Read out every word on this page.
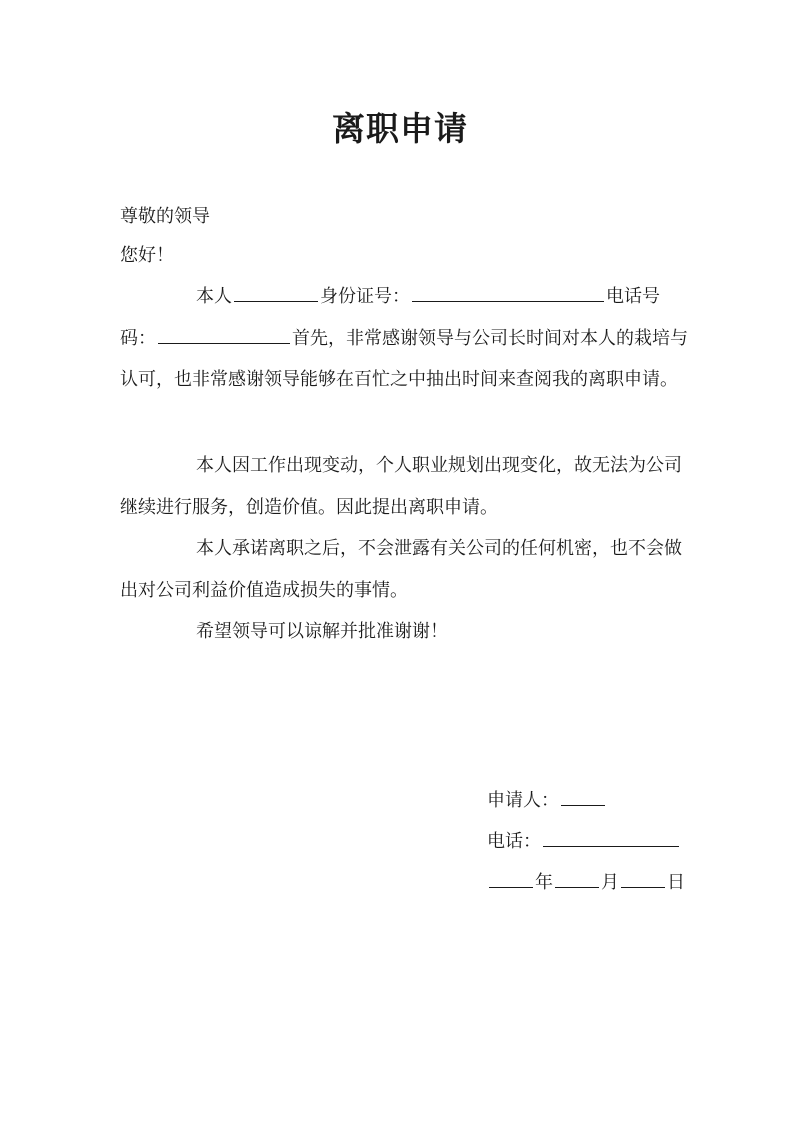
离职申请
尊敬的领导
您好！
本人	身份证号：	电话号码：	首先，非常感谢领导与公司长时间对本人的栽培与认可，也非常感谢领导能够在百忙之中抽出时间来查阅我的离职申请。
本人因工作出现变动，个人职业规划出现变化，故无法为公司继续进行服务，创造价值。因此提出离职申请。
本人承诺离职之后，不会泄露有关公司的任何机密，也不会做出对公司利益价值造成损失的事情。
希望领导可以谅解并批准谢谢！
申请人：
电话：
年	月	日
